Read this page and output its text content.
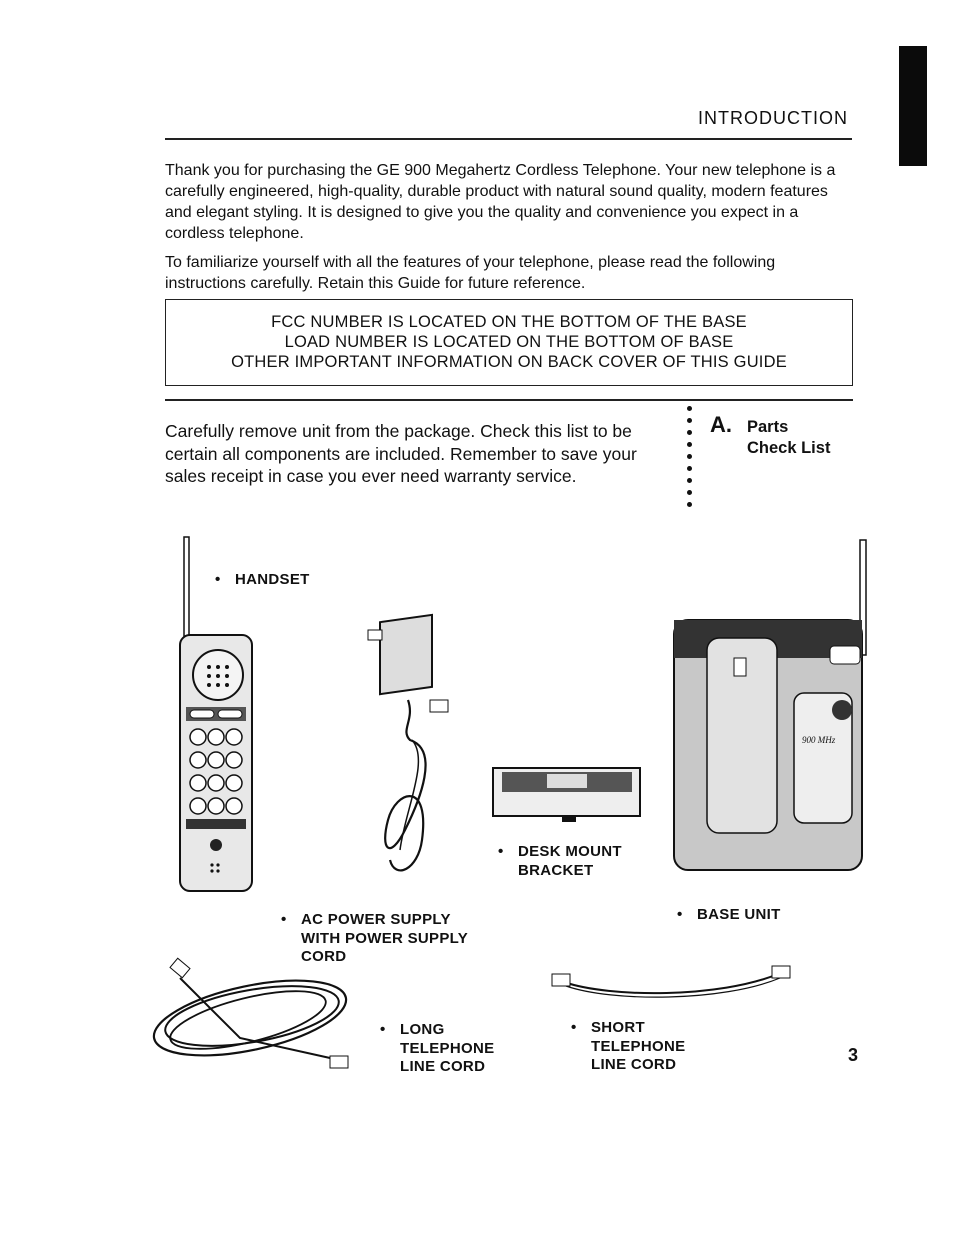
INTRODUCTION

Thank you for purchasing the GE 900 Megahertz Cordless Telephone. Your new telephone is a carefully engineered, high-quality, durable product with natural sound quality, modern features and elegant styling. It is designed to give you the quality and convenience you expect in a cordless telephone.

To familiarize yourself with all the features of your telephone, please read the following instructions carefully. Retain this Guide for future reference.

FCC NUMBER IS LOCATED ON THE BOTTOM OF THE BASE
LOAD NUMBER IS LOCATED ON THE BOTTOM OF BASE
OTHER IMPORTANT INFORMATION ON BACK COVER OF THIS GUIDE
Carefully remove unit from the package. Check this list to be certain all components are included. Remember to save your sales receipt in case you ever need warranty service.
A. Parts
Check List
• HANDSET
• DESK MOUNT
BRACKET
900 MHz
• BASE UNIT
• AC POWER SUPPLY
WITH POWER SUPPLY
CORD
• LONG
TELEPHONE
LINE CORD
• SHORT
TELEPHONE
LINE CORD	3
